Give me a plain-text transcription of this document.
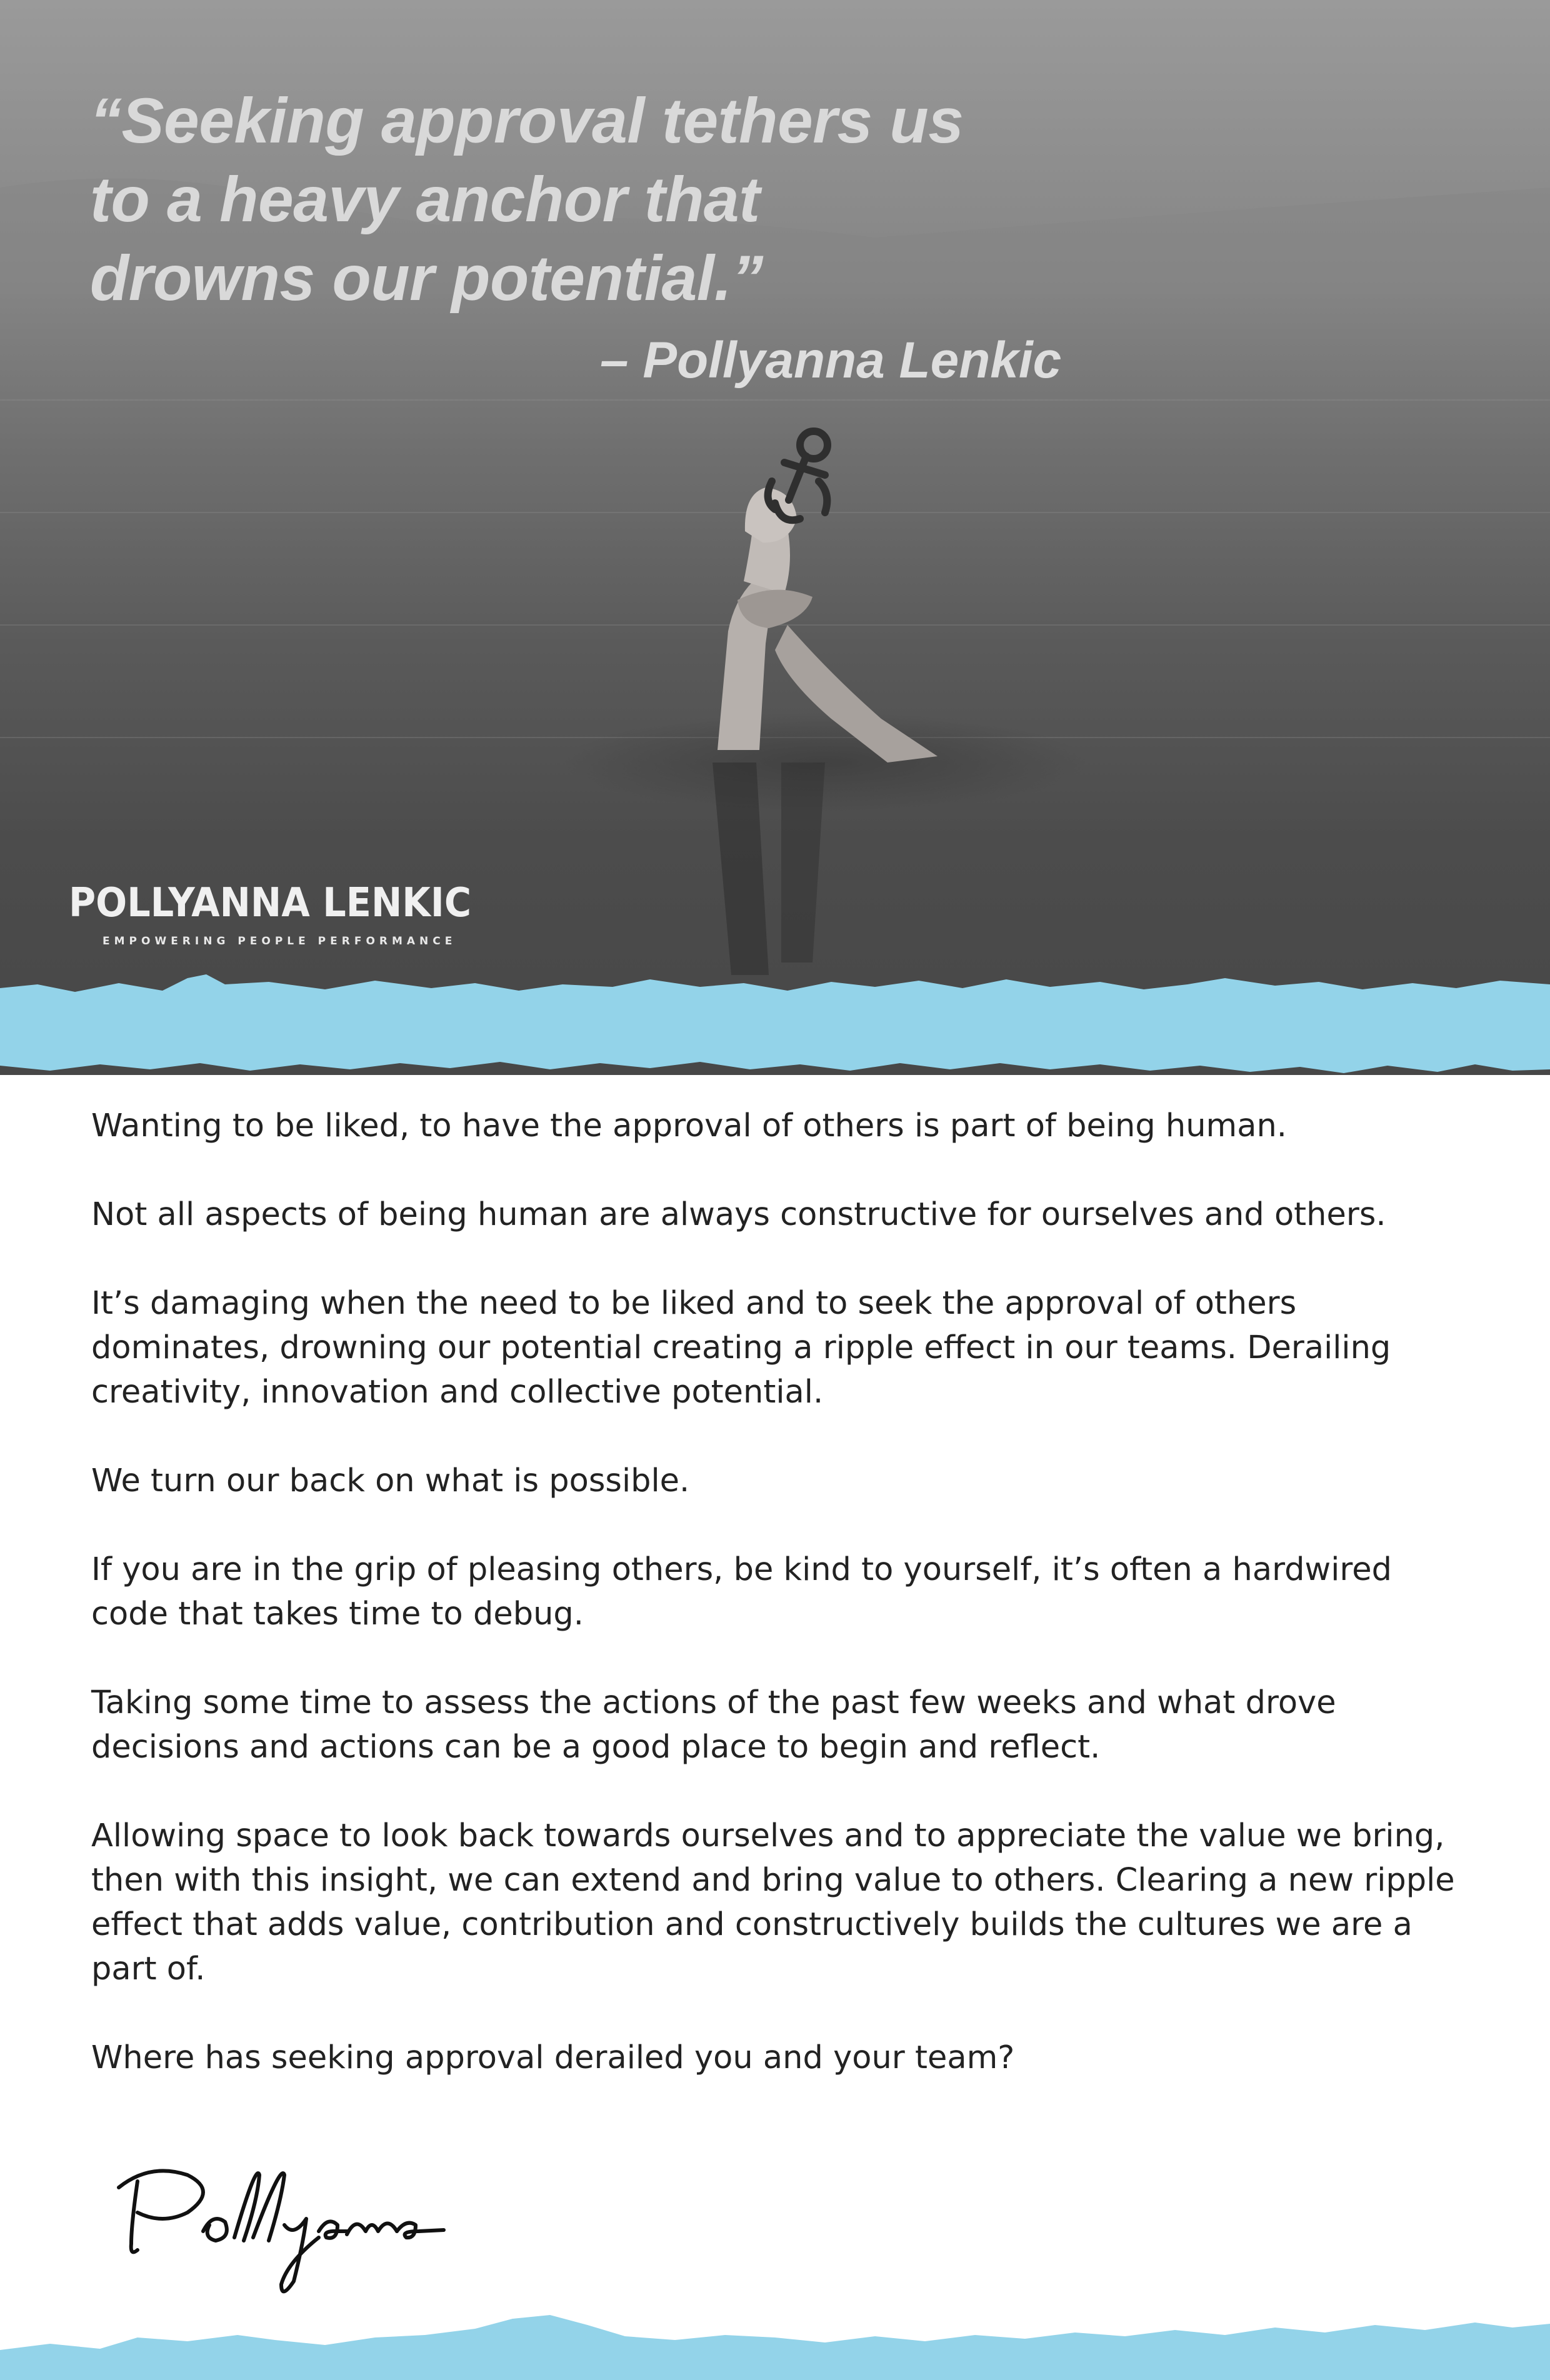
“Seeking approval tethers us
to a heavy anchor that
drowns our potential.”
– Pollyanna Lenkic
POLLYANNA LENKIC
EMPOWERING PEOPLE PERFORMANCE

Wanting to be liked, to have the approval of others is part of being human.

Not all aspects of being human are always constructive for ourselves and others.

It’s damaging when the need to be liked and to seek the approval of others dominates, drowning our potential creating a ripple effect in our teams. Derailing creativity, innovation and collective potential.

We turn our back on what is possible.

If you are in the grip of pleasing others, be kind to yourself, it’s often a hardwired code that takes time to debug.

Taking some time to assess the actions of the past few weeks and what drove decisions and actions can be a good place to begin and reflect.

Allowing space to look back towards ourselves and to appreciate the value we bring, then with this insight, we can extend and bring value to others. Clearing a new ripple effect that adds value, contribution and constructively builds the cultures we are a part of.

Where has seeking approval derailed you and your team?
